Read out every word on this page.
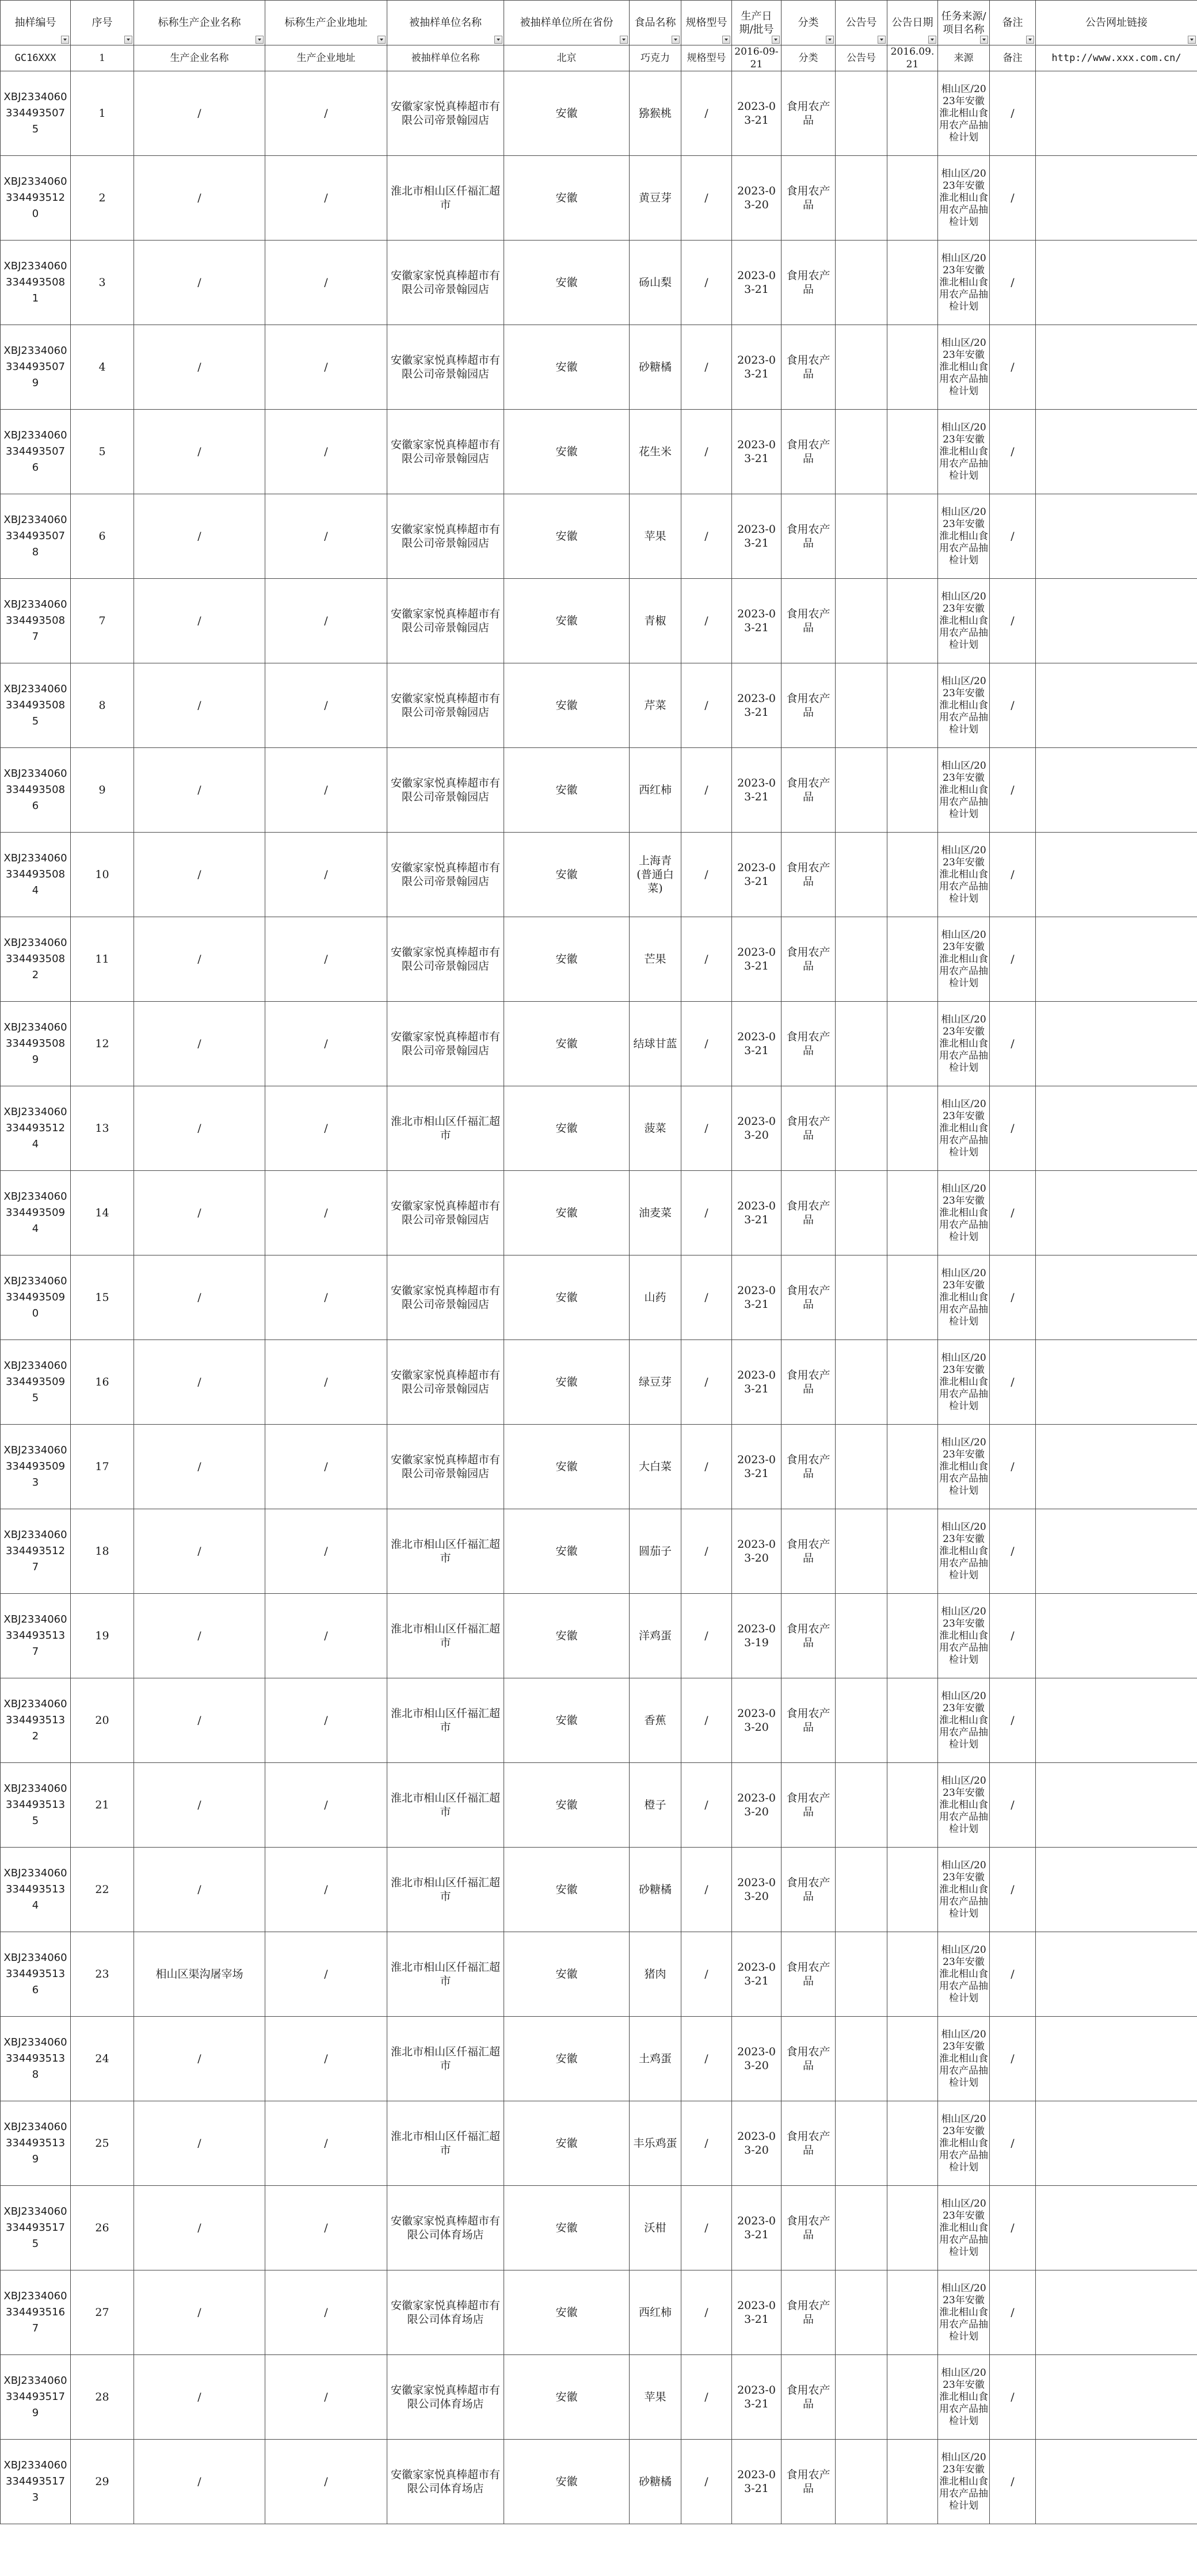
抽样编号	序号	标称生产企业名称	标称生产企业地址	被抽样单位名称	被抽样单位所在省份	食品名称	规格型号	生产日期/批号	分类	公告号	公告日期	任务来源/项目名称	备注	公告网址链接

GC16XXX	1	生产企业名称	生产企业地址	被抽样单位名称	北京	巧克力	规格型号	2016-09-21	分类	公告号	2016.09.21	来源	备注	http://www.xxx.com.cn/
XBJ23340603344935075	1	/	/	安徽家家悦真棒超市有限公司帝景翰园店	安徽	猕猴桃	/	2023-03-21	食用农产品			相山区/2023年安徽淮北相山食用农产品抽检计划	/	
XBJ23340603344935120	2	/	/	淮北市相山区仟福汇超市	安徽	黄豆芽	/	2023-03-20	食用农产品			相山区/2023年安徽淮北相山食用农产品抽检计划	/	
XBJ23340603344935081	3	/	/	安徽家家悦真棒超市有限公司帝景翰园店	安徽	砀山梨	/	2023-03-21	食用农产品			相山区/2023年安徽淮北相山食用农产品抽检计划	/	
XBJ23340603344935079	4	/	/	安徽家家悦真棒超市有限公司帝景翰园店	安徽	砂糖橘	/	2023-03-21	食用农产品			相山区/2023年安徽淮北相山食用农产品抽检计划	/	
XBJ23340603344935076	5	/	/	安徽家家悦真棒超市有限公司帝景翰园店	安徽	花生米	/	2023-03-21	食用农产品			相山区/2023年安徽淮北相山食用农产品抽检计划	/	
XBJ23340603344935078	6	/	/	安徽家家悦真棒超市有限公司帝景翰园店	安徽	苹果	/	2023-03-21	食用农产品			相山区/2023年安徽淮北相山食用农产品抽检计划	/	
XBJ23340603344935087	7	/	/	安徽家家悦真棒超市有限公司帝景翰园店	安徽	青椒	/	2023-03-21	食用农产品			相山区/2023年安徽淮北相山食用农产品抽检计划	/	
XBJ23340603344935085	8	/	/	安徽家家悦真棒超市有限公司帝景翰园店	安徽	芹菜	/	2023-03-21	食用农产品			相山区/2023年安徽淮北相山食用农产品抽检计划	/	
XBJ23340603344935086	9	/	/	安徽家家悦真棒超市有限公司帝景翰园店	安徽	西红柿	/	2023-03-21	食用农产品			相山区/2023年安徽淮北相山食用农产品抽检计划	/	
XBJ23340603344935084	10	/	/	安徽家家悦真棒超市有限公司帝景翰园店	安徽	上海青(普通白菜)	/	2023-03-21	食用农产品			相山区/2023年安徽淮北相山食用农产品抽检计划	/	
XBJ23340603344935082	11	/	/	安徽家家悦真棒超市有限公司帝景翰园店	安徽	芒果	/	2023-03-21	食用农产品			相山区/2023年安徽淮北相山食用农产品抽检计划	/	
XBJ23340603344935089	12	/	/	安徽家家悦真棒超市有限公司帝景翰园店	安徽	结球甘蓝	/	2023-03-21	食用农产品			相山区/2023年安徽淮北相山食用农产品抽检计划	/	
XBJ23340603344935124	13	/	/	淮北市相山区仟福汇超市	安徽	菠菜	/	2023-03-20	食用农产品			相山区/2023年安徽淮北相山食用农产品抽检计划	/	
XBJ23340603344935094	14	/	/	安徽家家悦真棒超市有限公司帝景翰园店	安徽	油麦菜	/	2023-03-21	食用农产品			相山区/2023年安徽淮北相山食用农产品抽检计划	/	
XBJ23340603344935090	15	/	/	安徽家家悦真棒超市有限公司帝景翰园店	安徽	山药	/	2023-03-21	食用农产品			相山区/2023年安徽淮北相山食用农产品抽检计划	/	
XBJ23340603344935095	16	/	/	安徽家家悦真棒超市有限公司帝景翰园店	安徽	绿豆芽	/	2023-03-21	食用农产品			相山区/2023年安徽淮北相山食用农产品抽检计划	/	
XBJ23340603344935093	17	/	/	安徽家家悦真棒超市有限公司帝景翰园店	安徽	大白菜	/	2023-03-21	食用农产品			相山区/2023年安徽淮北相山食用农产品抽检计划	/	
XBJ23340603344935127	18	/	/	淮北市相山区仟福汇超市	安徽	圆茄子	/	2023-03-20	食用农产品			相山区/2023年安徽淮北相山食用农产品抽检计划	/	
XBJ23340603344935137	19	/	/	淮北市相山区仟福汇超市	安徽	洋鸡蛋	/	2023-03-19	食用农产品			相山区/2023年安徽淮北相山食用农产品抽检计划	/	
XBJ23340603344935132	20	/	/	淮北市相山区仟福汇超市	安徽	香蕉	/	2023-03-20	食用农产品			相山区/2023年安徽淮北相山食用农产品抽检计划	/	
XBJ23340603344935135	21	/	/	淮北市相山区仟福汇超市	安徽	橙子	/	2023-03-20	食用农产品			相山区/2023年安徽淮北相山食用农产品抽检计划	/	
XBJ23340603344935134	22	/	/	淮北市相山区仟福汇超市	安徽	砂糖橘	/	2023-03-20	食用农产品			相山区/2023年安徽淮北相山食用农产品抽检计划	/	
XBJ23340603344935136	23	相山区渠沟屠宰场	/	淮北市相山区仟福汇超市	安徽	猪肉	/	2023-03-21	食用农产品			相山区/2023年安徽淮北相山食用农产品抽检计划	/	
XBJ23340603344935138	24	/	/	淮北市相山区仟福汇超市	安徽	土鸡蛋	/	2023-03-20	食用农产品			相山区/2023年安徽淮北相山食用农产品抽检计划	/	
XBJ23340603344935139	25	/	/	淮北市相山区仟福汇超市	安徽	丰乐鸡蛋	/	2023-03-20	食用农产品			相山区/2023年安徽淮北相山食用农产品抽检计划	/	
XBJ23340603344935175	26	/	/	安徽家家悦真棒超市有限公司体育场店	安徽	沃柑	/	2023-03-21	食用农产品			相山区/2023年安徽淮北相山食用农产品抽检计划	/	
XBJ23340603344935167	27	/	/	安徽家家悦真棒超市有限公司体育场店	安徽	西红柿	/	2023-03-21	食用农产品			相山区/2023年安徽淮北相山食用农产品抽检计划	/	
XBJ23340603344935179	28	/	/	安徽家家悦真棒超市有限公司体育场店	安徽	苹果	/	2023-03-21	食用农产品			相山区/2023年安徽淮北相山食用农产品抽检计划	/	
XBJ23340603344935173	29	/	/	安徽家家悦真棒超市有限公司体育场店	安徽	砂糖橘	/	2023-03-21	食用农产品			相山区/2023年安徽淮北相山食用农产品抽检计划	/	
